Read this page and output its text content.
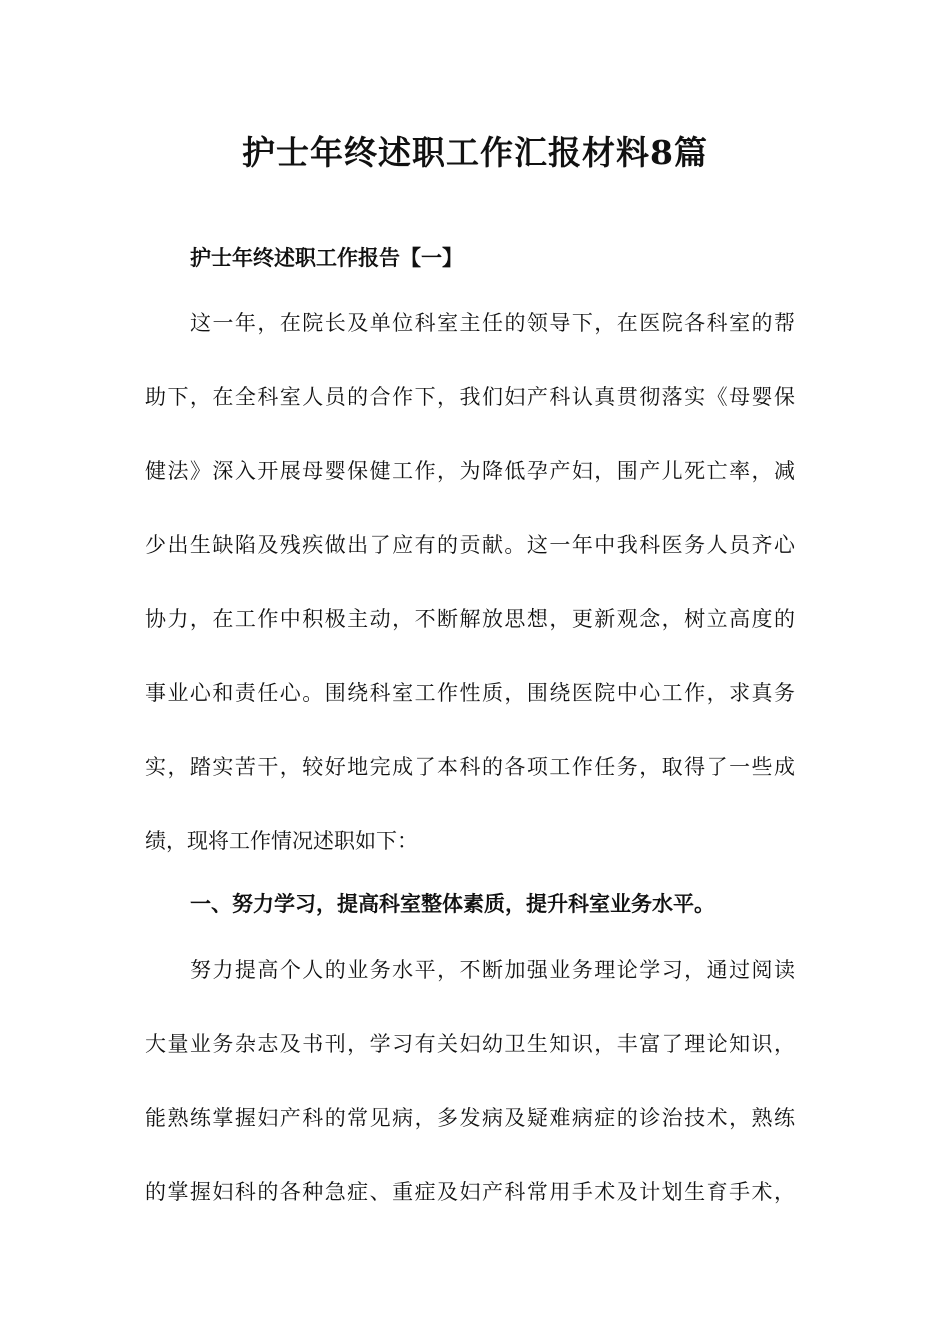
护士年终述职工作汇报材料8篇
护士年终述职工作报告【一】
这一年，在院长及单位科室主任的领导下，在医院各科室的帮
助下，在全科室人员的合作下，我们妇产科认真贯彻落实《母婴保
健法》深入开展母婴保健工作，为降低孕产妇，围产儿死亡率，减
少出生缺陷及残疾做出了应有的贡献。这一年中我科医务人员齐心
协力，在工作中积极主动，不断解放思想，更新观念，树立高度的
事业心和责任心。围绕科室工作性质，围绕医院中心工作，求真务
实，踏实苦干，较好地完成了本科的各项工作任务，取得了一些成
绩，现将工作情况述职如下：
一、努力学习，提高科室整体素质，提升科室业务水平。
努力提高个人的业务水平，不断加强业务理论学习，通过阅读
大量业务杂志及书刊，学习有关妇幼卫生知识，丰富了理论知识，
能熟练掌握妇产科的常见病，多发病及疑难病症的诊治技术，熟练
的掌握妇科的各种急症、重症及妇产科常用手术及计划生育手术，
